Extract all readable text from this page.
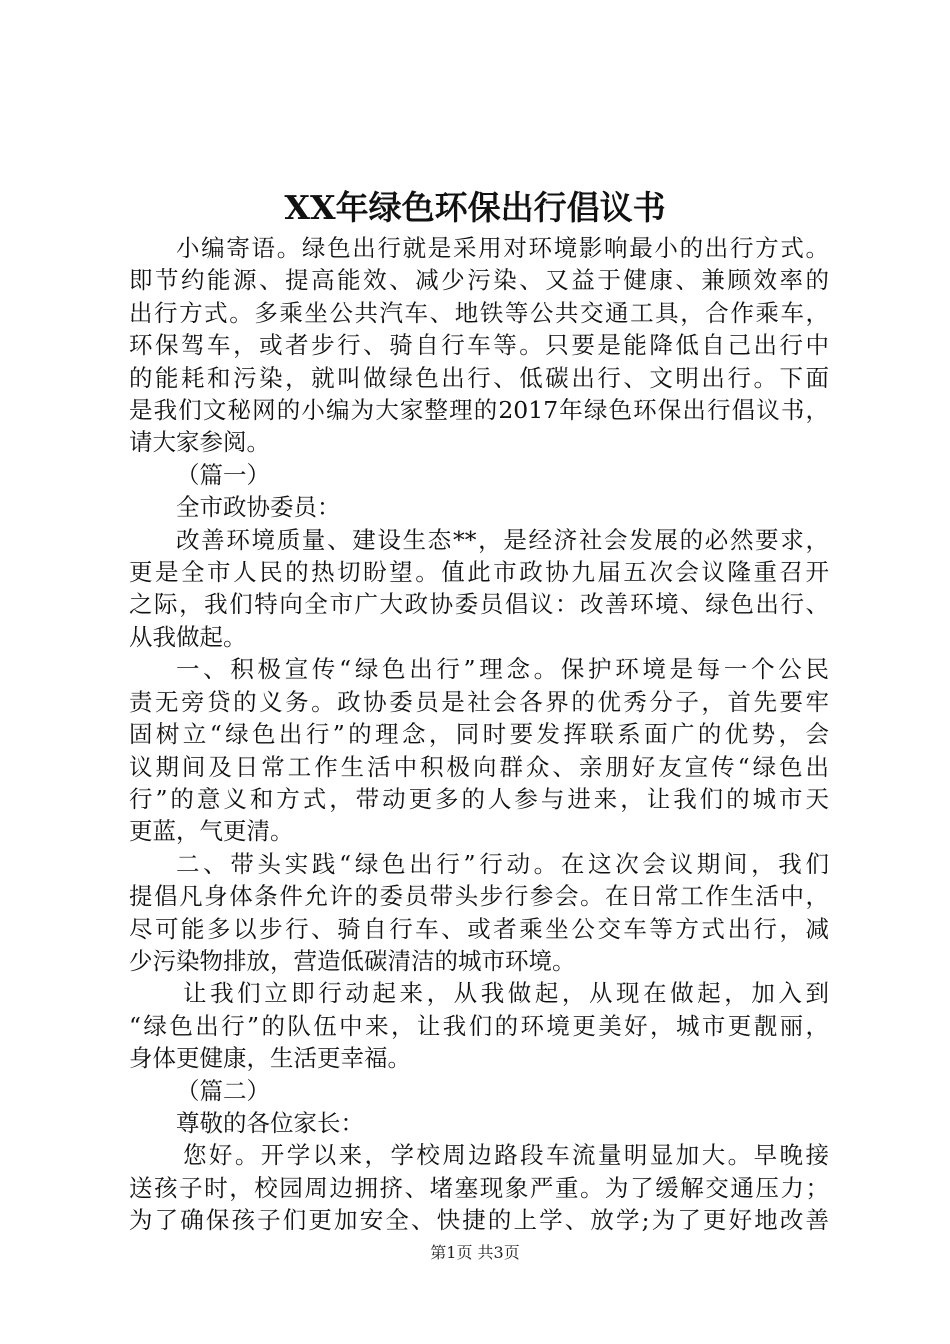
XX年绿色环保出行倡议书

小编寄语。绿色出行就是采用对环境影响最小的出行方式。
即节约能源、提高能效、减少污染、又益于健康、兼顾效率的
出行方式。多乘坐公共汽车、地铁等公共交通工具，合作乘车，
环保驾车，或者步行、骑自行车等。只要是能降低自己出行中
的能耗和污染，就叫做绿色出行、低碳出行、文明出行。下面
是我们文秘网的小编为大家整理的2017年绿色环保出行倡议书，
请大家参阅。

（篇一）

全市政协委员：

改善环境质量、建设生态**，是经济社会发展的必然要求，
更是全市人民的热切盼望。值此市政协九届五次会议隆重召开
之际，我们特向全市广大政协委员倡议：改善环境、绿色出行、
从我做起。

一、积极宣传“绿色出行”理念。保护环境是每一个公民
责无旁贷的义务。政协委员是社会各界的优秀分子，首先要牢
固树立“绿色出行”的理念，同时要发挥联系面广的优势，会
议期间及日常工作生活中积极向群众、亲朋好友宣传“绿色出
行”的意义和方式，带动更多的人参与进来，让我们的城市天
更蓝，气更清。

二、带头实践“绿色出行”行动。在这次会议期间，我们
提倡凡身体条件允许的委员带头步行参会。在日常工作生活中，
尽可能多以步行、骑自行车、或者乘坐公交车等方式出行，减
少污染物排放，营造低碳清洁的城市环境。

让我们立即行动起来，从我做起，从现在做起，加入到
“绿色出行”的队伍中来，让我们的环境更美好，城市更靓丽，
身体更健康，生活更幸福。

（篇二）

尊敬的各位家长：

您好。开学以来，学校周边路段车流量明显加大。早晚接
送孩子时，校园周边拥挤、堵塞现象严重。为了缓解交通压力；
为了确保孩子们更加安全、快捷的上学、放学;为了更好地改善

第1页 共3页
